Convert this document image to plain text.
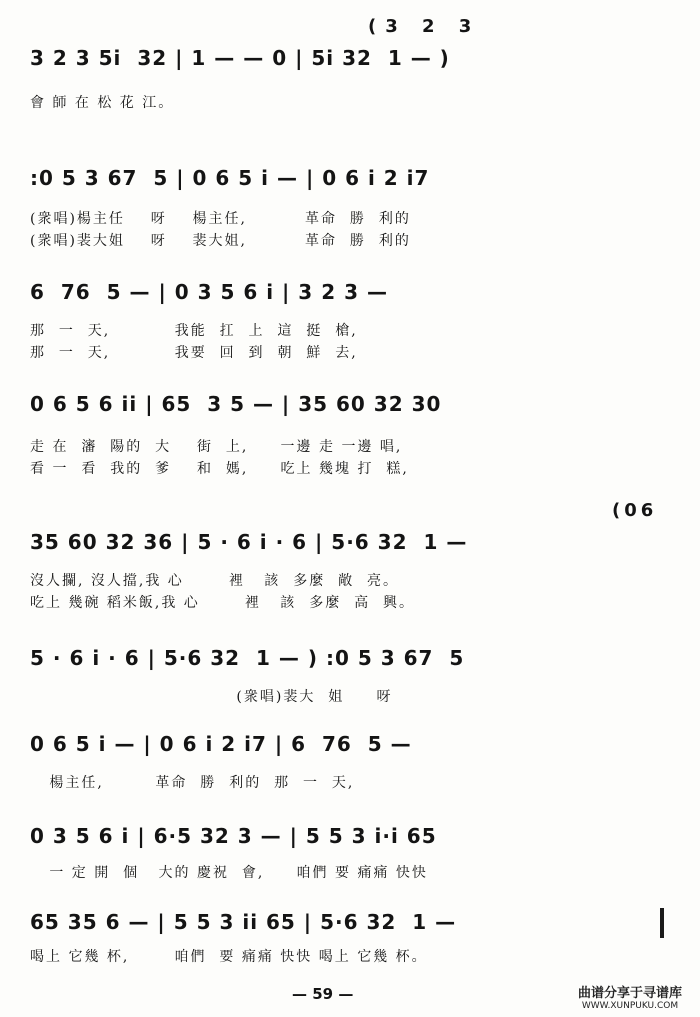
(3 2 3
3 2 3 5i  32 | 1 — — 0 | 5i 32  1 — )
會 師 在 松 花 江。
:0 5 3 67  5 | 0 6 5 i — | 0 6 i 2 i7
(衆唱)楊主任    呀    楊主任,         革命  勝  利的
(衆唱)裴大姐    呀    裴大姐,         革命  勝  利的
6  76  5 — | 0 3 5 6 i | 3 2 3 —
那  一  天,          我能  扛  上  這  挺  槍,
那  一  天,          我要  回  到  朝  鮮  去,
0 6 5 6 ii | 65  3 5 — | 35 60 32 30
走 在  瀋  陽的  大    街  上,     一邊 走 一邊 唱,
看 一  看  我的  爹    和  媽,     吃上 幾塊 打  糕,
(06
35 60 32 36 | 5 · 6 i · 6 | 5·6 32  1 —
沒人攔, 沒人擋,我 心       裡   該  多麼  敞  亮。
吃上 幾碗 稻米飯,我 心       裡   該  多麼  高  興。
5 · 6 i · 6 | 5·6 32  1 — ) :0 5 3 67  5
(衆唱)裴大  姐     呀
0 6 5 i — | 0 6 i 2 i7 | 6  76  5 —
楊主任,        革命  勝  利的  那  一  天,
0 3 5 6 i | 6·5 32 3 — | 5 5 3 i·i 65
一 定 開  個   大的 慶祝  會,     咱們 要 痛痛 快快
65 35 6 — | 5 5 3 ii 65 | 5·6 32  1 —
喝上 它幾 杯,       咱們  要 痛痛 快快 喝上 它幾 杯。
— 59 —	曲谱分享于寻谱库
WWW.XUNPUKU.COM
